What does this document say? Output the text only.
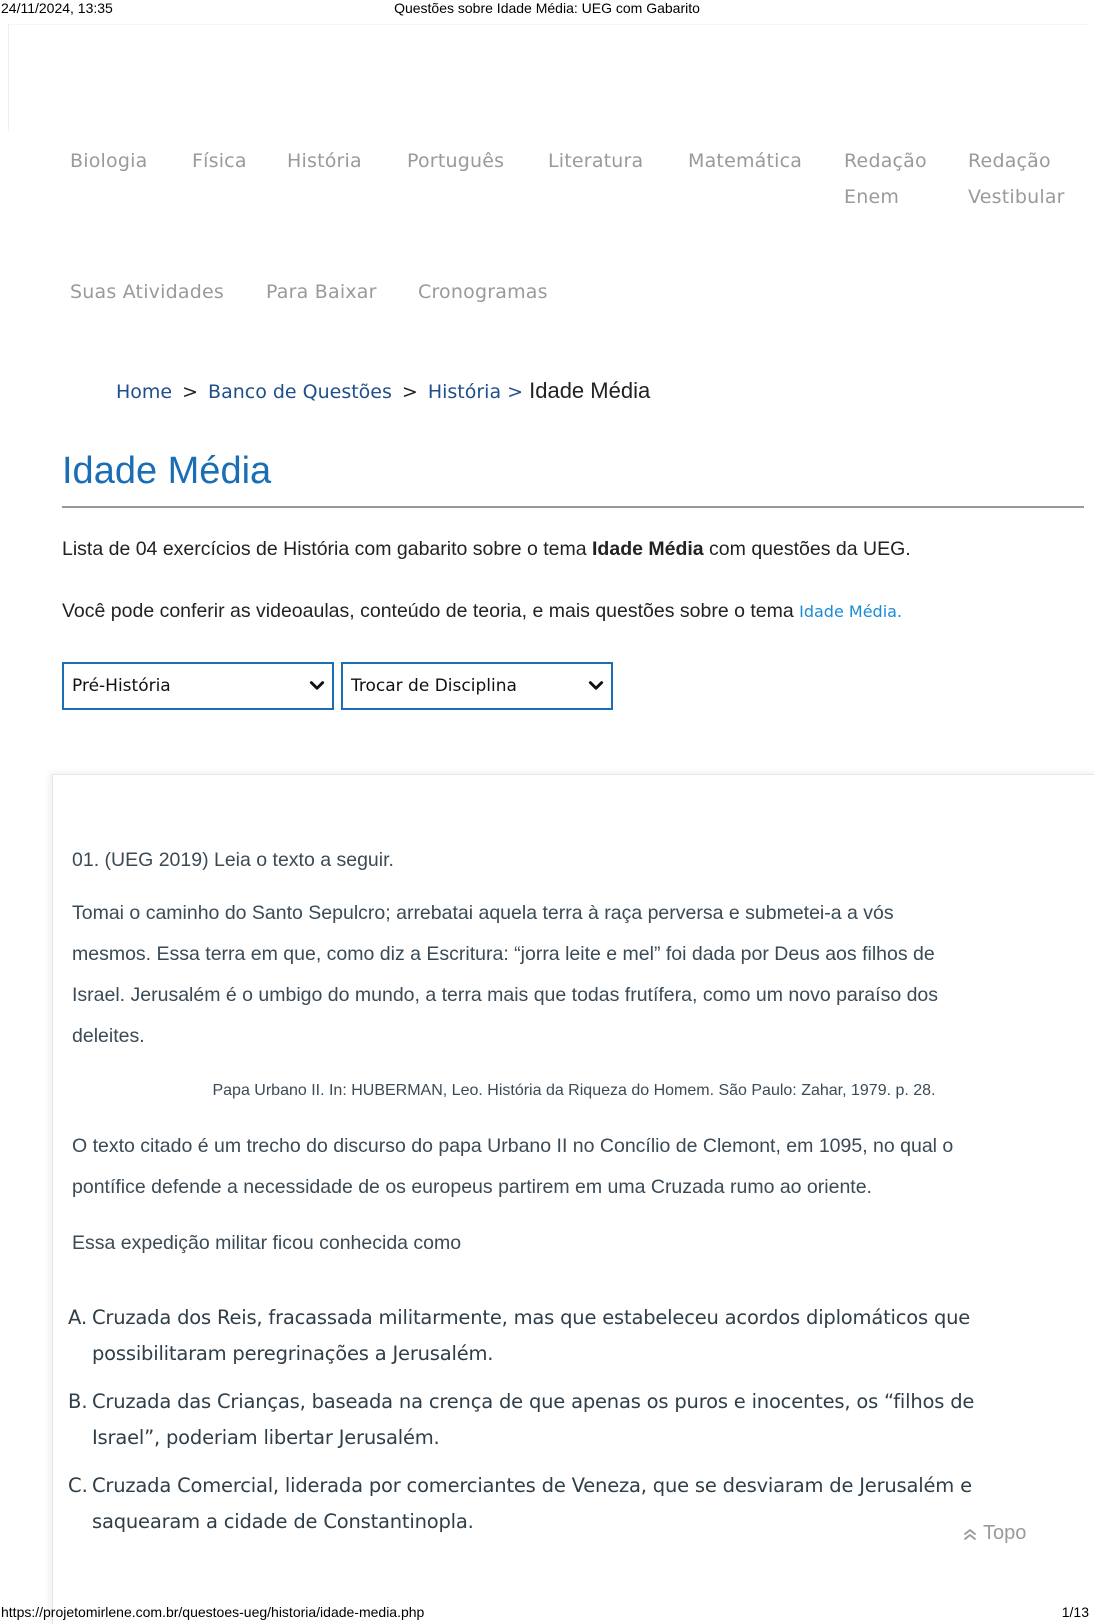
24/11/2024, 13:35	Questões sobre Idade Média: UEG com Gabarito
Biologia Física História Português Literatura Matemática Redação
Enem
Redação
Vestibular
Suas Atividades Para Baixar Cronogramas
Home > Banco de Questões > História > Idade Média
Idade Média
Lista de 04 exercícios de História com gabarito sobre o tema Idade Média com questões da UEG.
Você pode conferir as videoaulas, conteúdo de teoria, e mais questões sobre o tema Idade Média.
Pré-História	Trocar de Disciplina
01. (UEG 2019) Leia o texto a seguir.
Tomai o caminho do Santo Sepulcro; arrebatai aquela terra à raça perversa e submetei-a a vós
mesmos. Essa terra em que, como diz a Escritura: “jorra leite e mel” foi dada por Deus aos filhos de
Israel. Jerusalém é o umbigo do mundo, a terra mais que todas frutífera, como um novo paraíso dos
deleites.
Papa Urbano II. In: HUBERMAN, Leo. História da Riqueza do Homem. São Paulo: Zahar, 1979. p. 28.
O texto citado é um trecho do discurso do papa Urbano II no Concílio de Clemont, em 1095, no qual o
pontífice defende a necessidade de os europeus partirem em uma Cruzada rumo ao oriente.
Essa expedição militar ficou conhecida como
A. Cruzada dos Reis, fracassada militarmente, mas que estabeleceu acordos diplomáticos que
possibilitaram peregrinações a Jerusalém.
B. Cruzada das Crianças, baseada na crença de que apenas os puros e inocentes, os “filhos de
Israel”, poderiam libertar Jerusalém.
C. Cruzada Comercial, liderada por comerciantes de Veneza, que se desviaram de Jerusalém e
saquearam a cidade de Constantinopla.	Topo
https://projetomirlene.com.br/questoes-ueg/historia/idade-media.php	1/13
